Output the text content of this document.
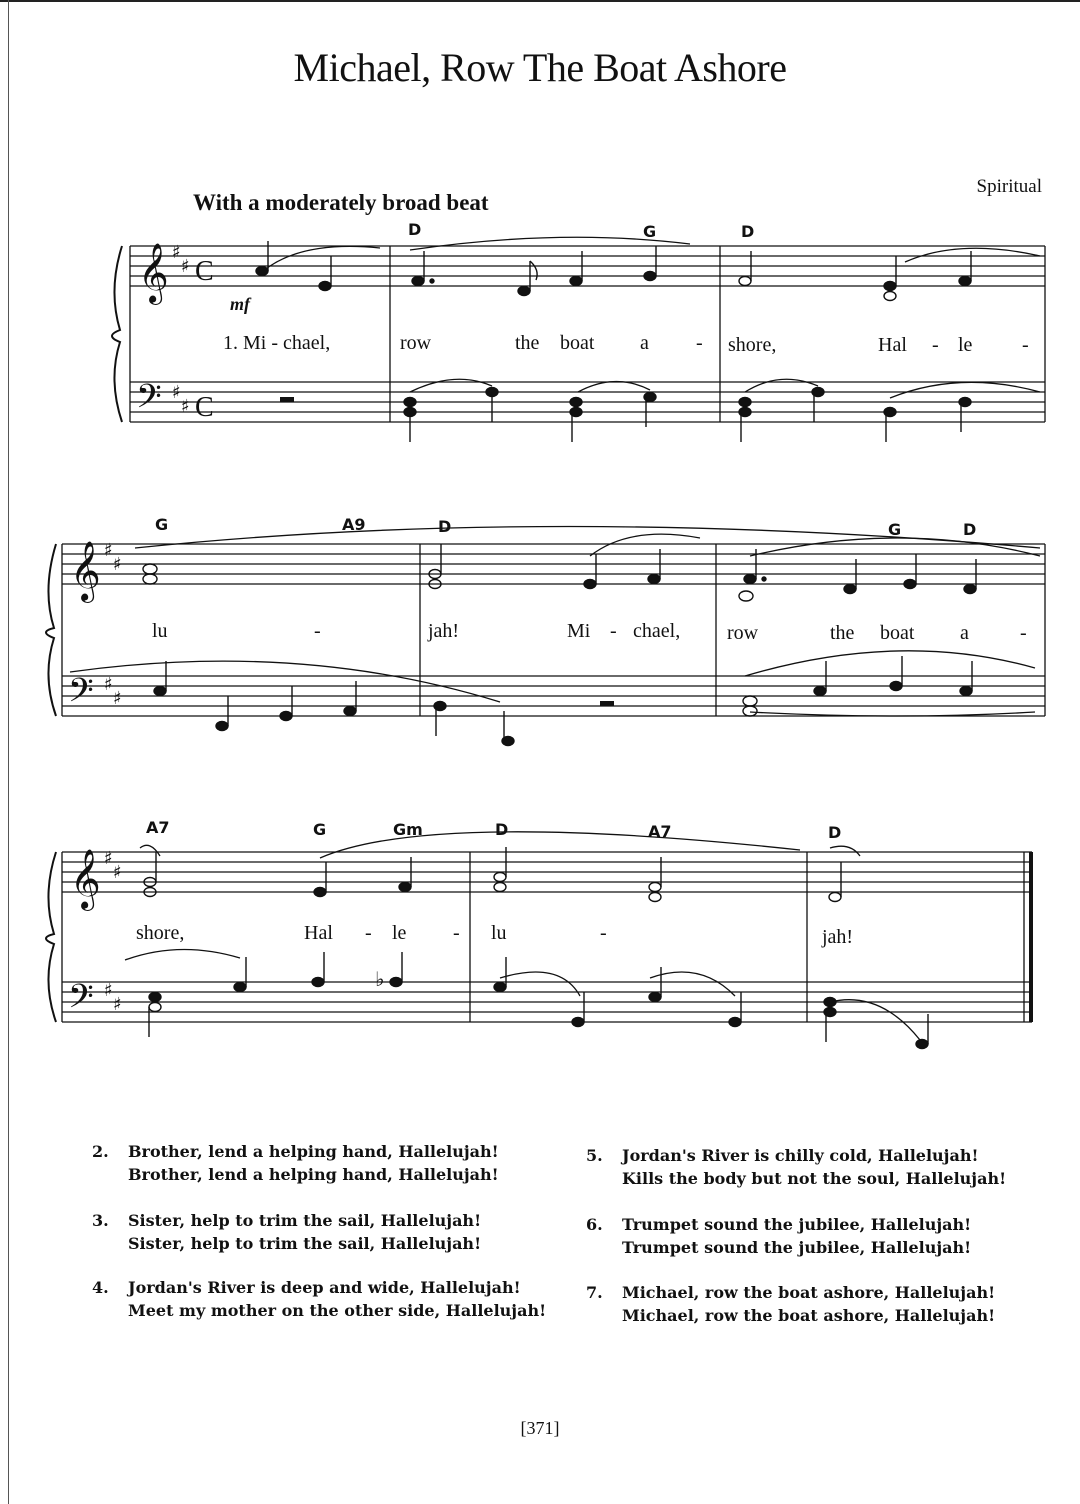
Michael, Row The Boat Ashore
Spiritual
With a moderately broad beat
𝄞
𝄢
𝄞
𝄢
𝄞
𝄢
♯
♯
♯
♯
♯
♯
♯
♯
♯
♯
♯
♯
C
C
mf
♭
D	G	D
1. Mi - chael,	row	the boat a - shore,	Hal - le -
G	A9	D	G	D
lu	-	jah!	Mi - chael, row	the boat a	-
A7	G	Gm	D	A7	D
shore,	Hal - le - lu	-	jah!
2. Brother, lend a helping hand, Hallelujah!
Brother, lend a helping hand, Hallelujah!
3. Sister, help to trim the sail, Hallelujah!
Sister, help to trim the sail, Hallelujah!
4. Jordan's River is deep and wide, Hallelujah!
Meet my mother on the other side, Hallelujah!
5. Jordan's River is chilly cold, Hallelujah!
Kills the body but not the soul, Hallelujah!
6. Trumpet sound the jubilee, Hallelujah!
Trumpet sound the jubilee, Hallelujah!
7. Michael, row the boat ashore, Hallelujah!
Michael, row the boat ashore, Hallelujah!
[371]
